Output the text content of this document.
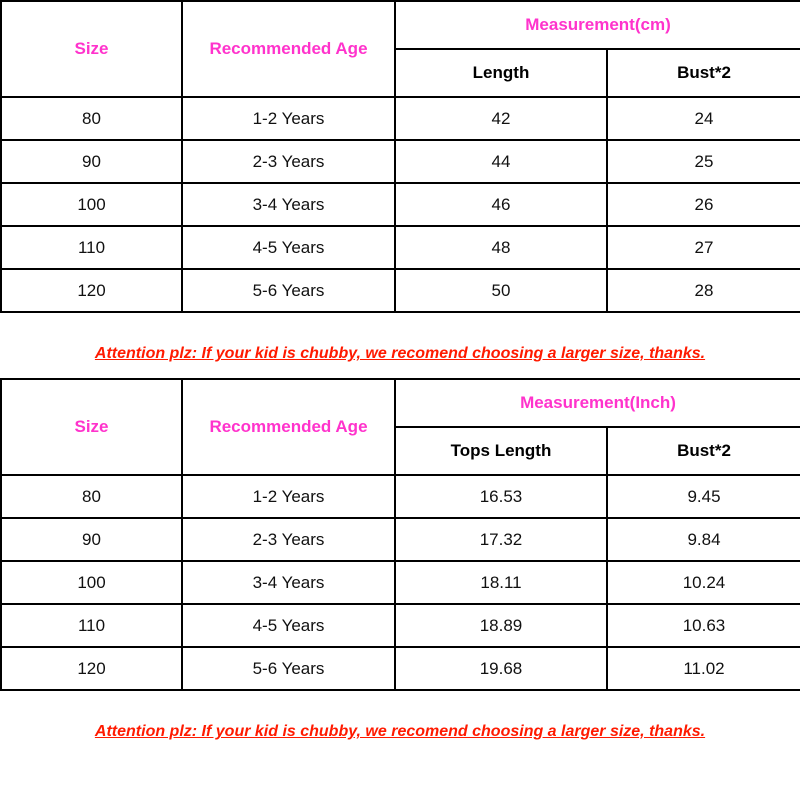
Size	Recommended Age	Measurement(cm)	
		Length	Bust*2
80	1-2 Years	42	24
90	2-3 Years	44	25
100	3-4 Years	46	26
110	4-5 Years	48	27
120	5-6 Years	50	28
Attention plz: If your kid is chubby, we recomend choosing a larger size, thanks.
Size	Recommended Age	Measurement(Inch)	
		Tops Length	Bust*2
80	1-2 Years	16.53	9.45
90	2-3 Years	17.32	9.84
100	3-4 Years	18.11	10.24
110	4-5 Years	18.89	10.63
120	5-6 Years	19.68	11.02
Attention plz: If your kid is chubby, we recomend choosing a larger size, thanks.
